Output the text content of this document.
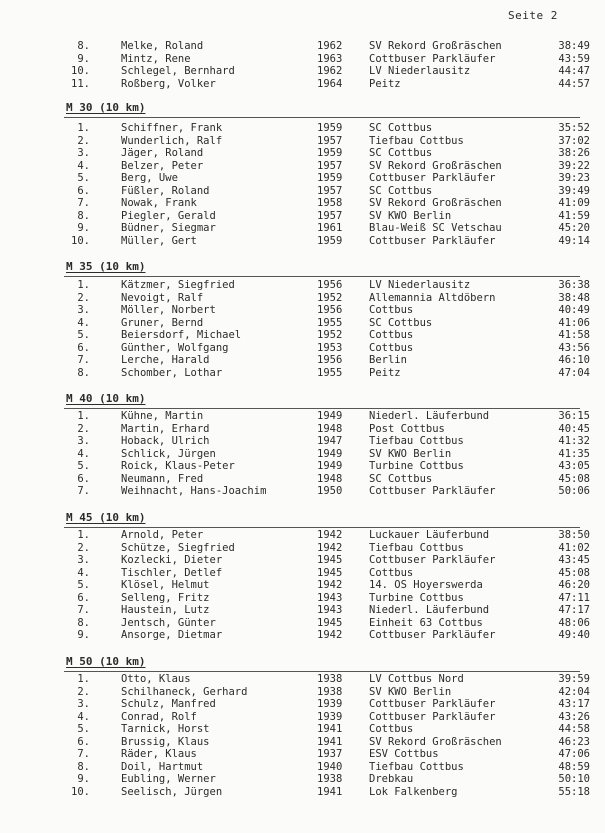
Seite 2
8.	Melke, Roland	1962	SV Rekord Großräschen	38:49
9.	Mintz, Rene	1963	Cottbuser Parkläufer	43:59
10.	Schlegel, Bernhard	1962	LV Niederlausitz	44:47
11.	Roßberg, Volker	1964	Peitz	44:57
M 30 (10 km)
1.	Schiffner, Frank	1959	SC Cottbus	35:52
2.	Wunderlich, Ralf	1957	Tiefbau Cottbus	37:02
3.	Jäger, Roland	1959	SC Cottbus	38:26
4.	Belzer, Peter	1957	SV Rekord Großräschen	39:22
5.	Berg, Uwe	1959	Cottbuser Parkläufer	39:23
6.	Füßler, Roland	1957	SC Cottbus	39:49
7.	Nowak, Frank	1958	SV Rekord Großräschen	41:09
8.	Piegler, Gerald	1957	SV KWO Berlin	41:59
9.	Büdner, Siegmar	1961	Blau-Weiß SC Vetschau	45:20
10.	Müller, Gert	1959	Cottbuser Parkläufer	49:14
M 35 (10 km)
1.	Kätzmer, Siegfried	1956	LV Niederlausitz	36:38
2.	Nevoigt, Ralf	1952	Allemannia Altdöbern	38:48
3.	Möller, Norbert	1956	Cottbus	40:49
4.	Gruner, Bernd	1955	SC Cottbus	41:06
5.	Beiersdorf, Michael	1952	Cottbus	41:58
6.	Günther, Wolfgang	1953	Cottbus	43:56
7.	Lerche, Harald	1956	Berlin	46:10
8.	Schomber, Lothar	1955	Peitz	47:04
M 40 (10 km)
1.	Kühne, Martin	1949	Niederl. Läuferbund	36:15
2.	Martin, Erhard	1948	Post Cottbus	40:45
3.	Hoback, Ulrich	1947	Tiefbau Cottbus	41:32
4.	Schlick, Jürgen	1949	SV KWO Berlin	41:35
5.	Roick, Klaus-Peter	1949	Turbine Cottbus	43:05
6.	Neumann, Fred	1948	SC Cottbus	45:08
7.	Weihnacht, Hans-Joachim	1950	Cottbuser Parkläufer	50:06
M 45 (10 km)
1.	Arnold, Peter	1942	Luckauer Läuferbund	38:50
2.	Schütze, Siegfried	1942	Tiefbau Cottbus	41:02
3.	Kozlecki, Dieter	1945	Cottbuser Parkläufer	43:45
4.	Tischler, Detlef	1945	Cottbus	45:08
5.	Klösel, Helmut	1942	14. OS Hoyerswerda	46:20
6.	Selleng, Fritz	1943	Turbine Cottbus	47:11
7.	Haustein, Lutz	1943	Niederl. Läuferbund	47:17
8.	Jentsch, Günter	1945	Einheit 63 Cottbus	48:06
9.	Ansorge, Dietmar	1942	Cottbuser Parkläufer	49:40
M 50 (10 km)
1.	Otto, Klaus	1938	LV Cottbus Nord	39:59
2.	Schilhaneck, Gerhard	1938	SV KWO Berlin	42:04
3.	Schulz, Manfred	1939	Cottbuser Parkläufer	43:17
4.	Conrad, Rolf	1939	Cottbuser Parkläufer	43:26
5.	Tarnick, Horst	1941	Cottbus	44:58
6.	Brussig, Klaus	1941	SV Rekord Großräschen	46:23
7.	Räder, Klaus	1937	ESV Cottbus	47:06
8.	Doil, Hartmut	1940	Tiefbau Cottbus	48:59
9.	Eubling, Werner	1938	Drebkau	50:10
10.	Seelisch, Jürgen	1941	Lok Falkenberg	55:18
